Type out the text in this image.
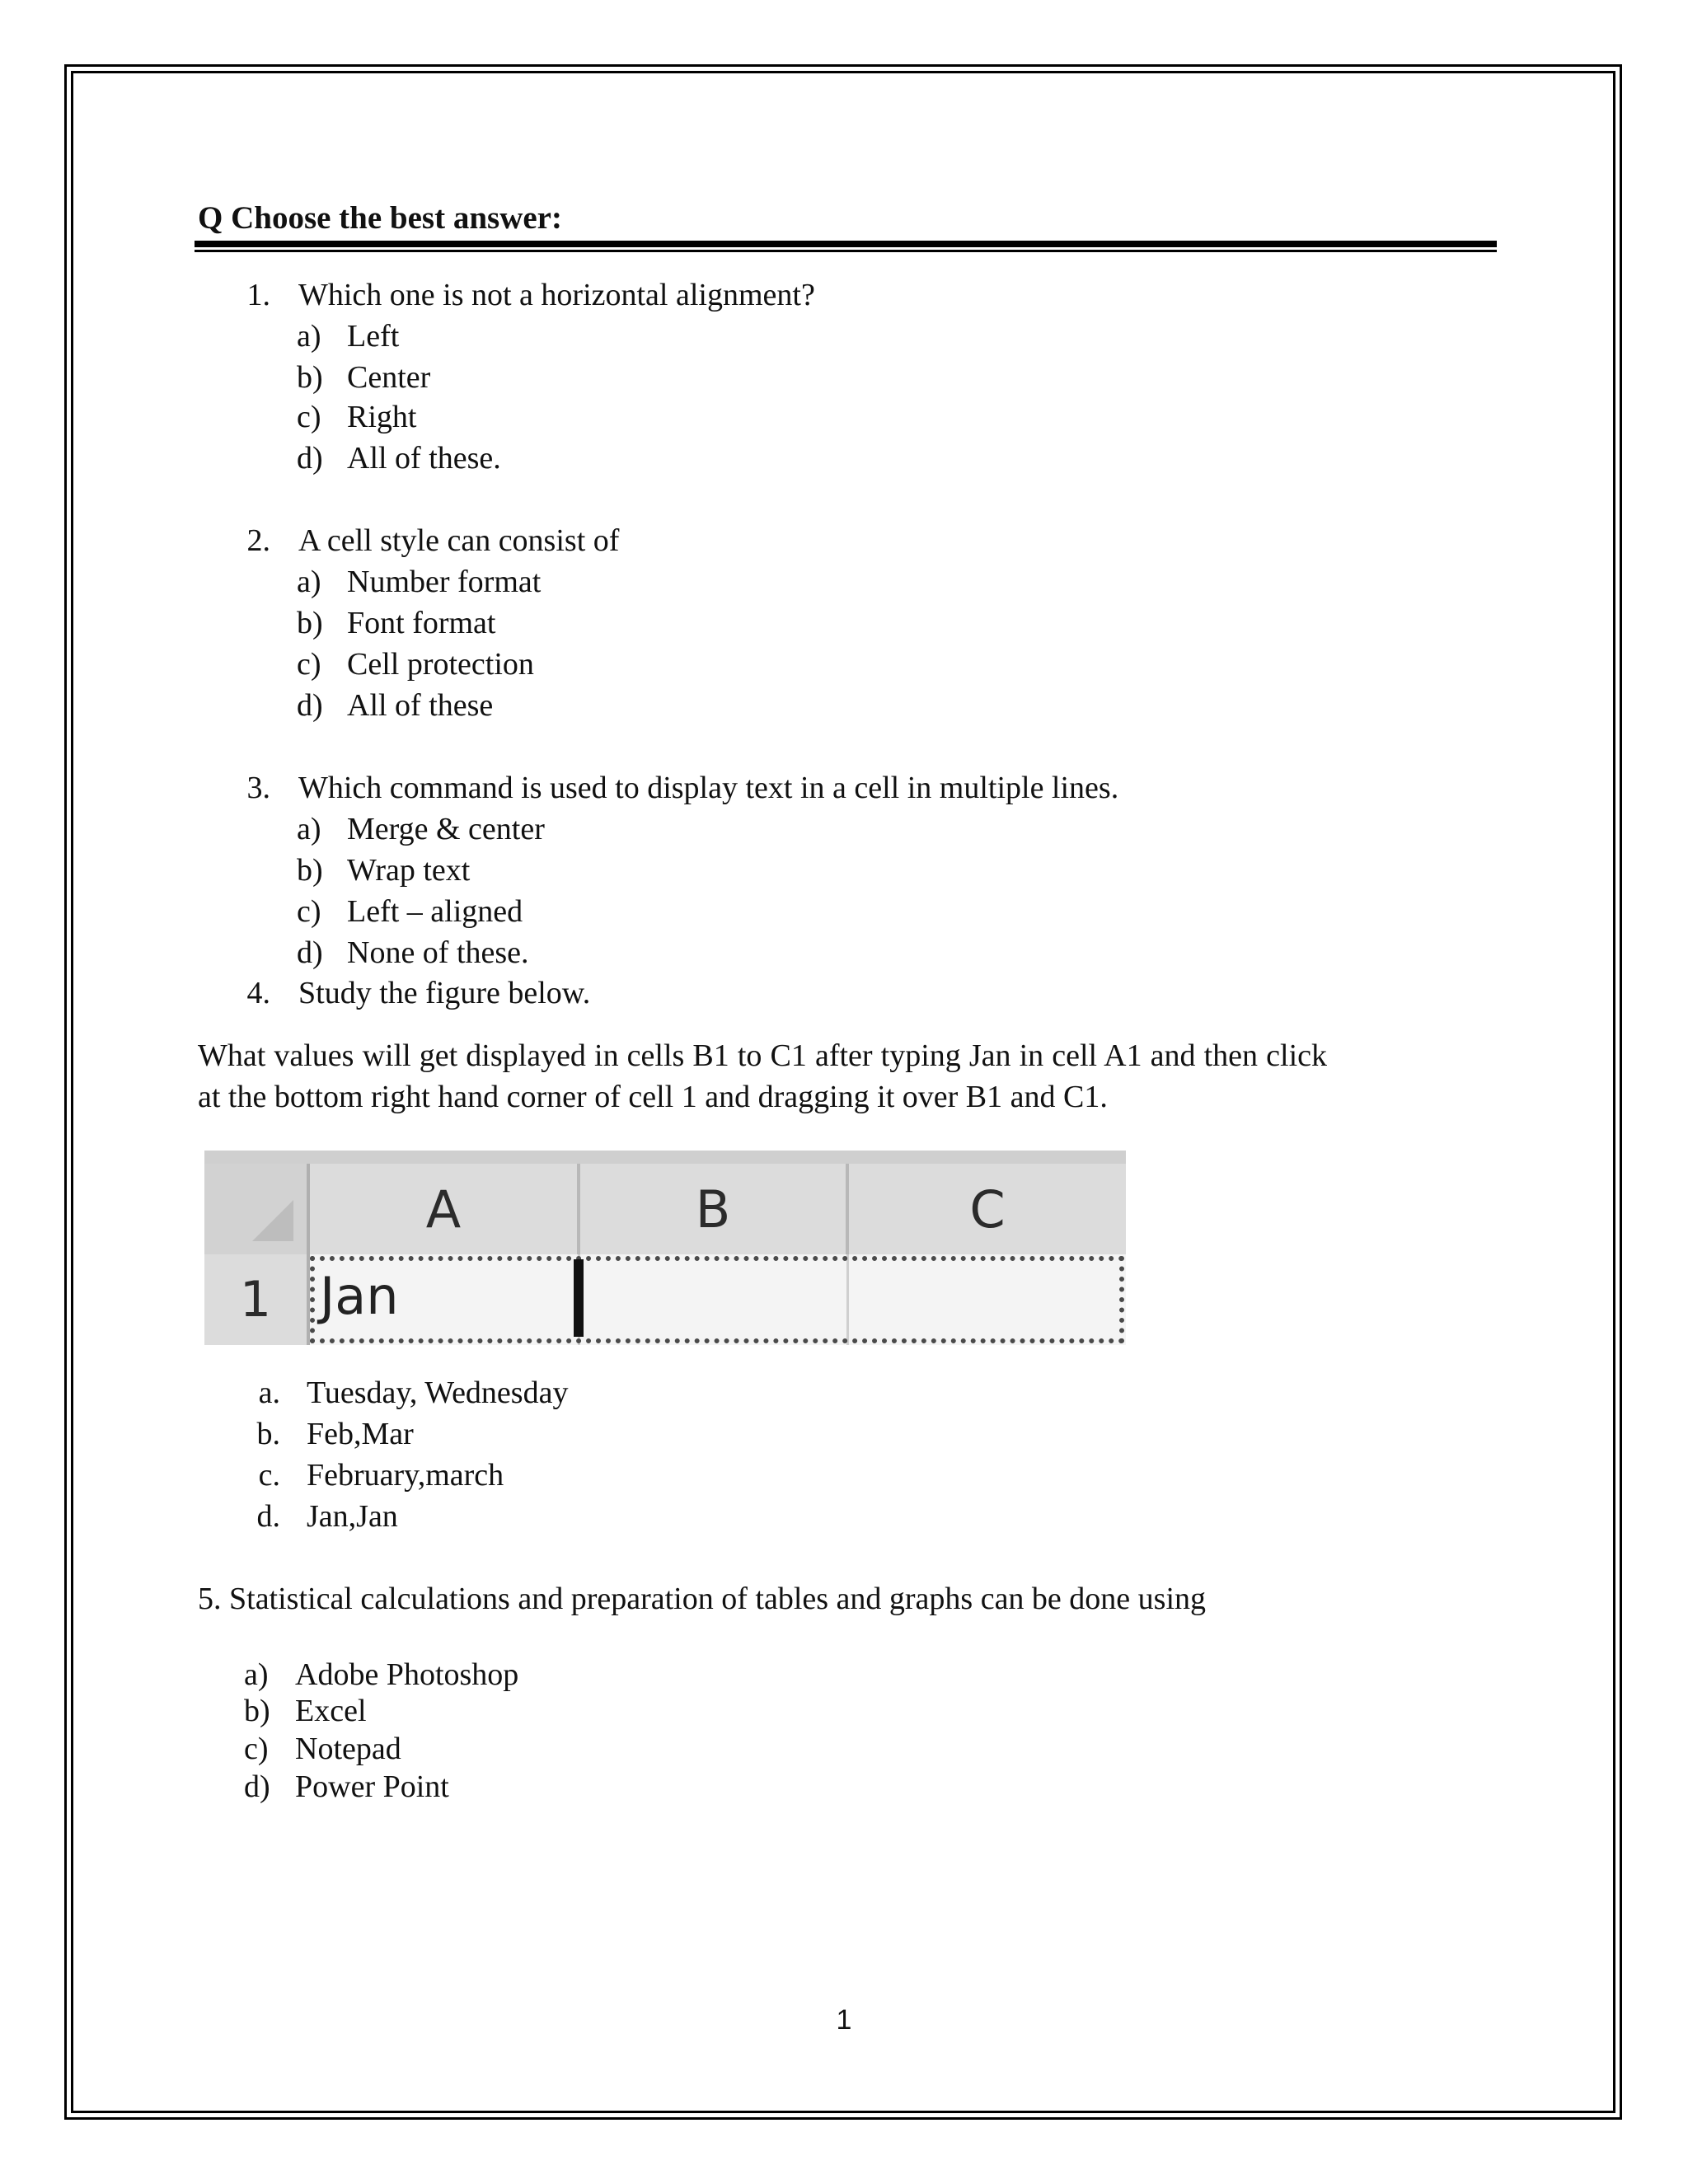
Q Choose the best answer:
1. Which one is not a horizontal alignment?
a) Left
b) Center
c) Right
d) All of these.
2. A cell style can consist of
a) Number format
b) Font format
c) Cell protection
d) All of these
3. Which command is used to display text in a cell in multiple lines.
a) Merge & center
b) Wrap text
c) Left – aligned
d) None of these.
4. Study the figure below.
What values will get displayed in cells B1 to C1 after typing Jan in cell A1 and then click at the bottom right hand corner of cell 1 and dragging it over B1 and C1.
A	B	C
1 Jan
a. Tuesday, Wednesday
b. Feb,Mar
c. February,march
d. Jan,Jan
5. Statistical calculations and preparation of tables and graphs can be done using
a) Adobe Photoshop
b) Excel
c) Notepad
d) Power Point
1
